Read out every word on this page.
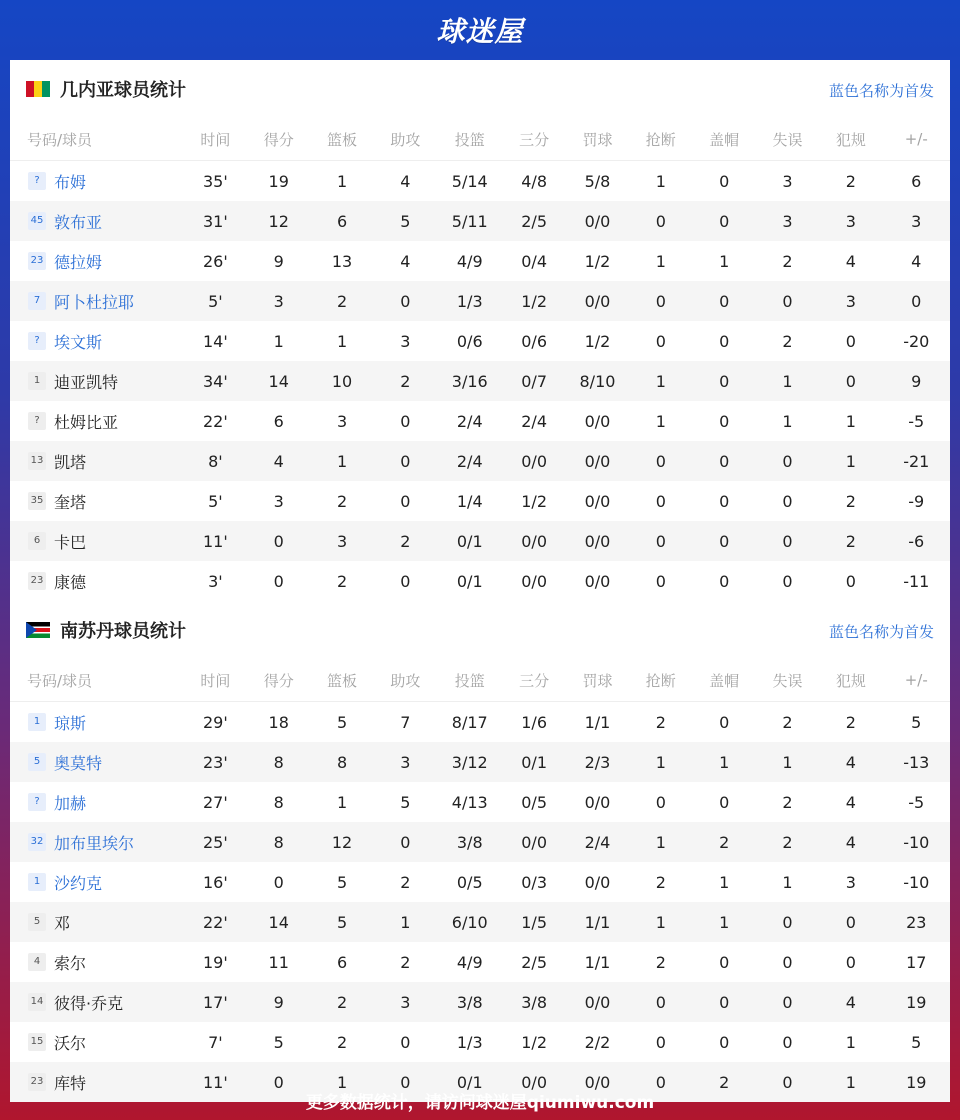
球迷屋
几内亚球员统计	蓝色名称为首发
号码/球员	时间	得分	篮板	助攻	投篮	三分	罚球	抢断	盖帽	失误	犯规	+/-
? 布姆	35'	19	1	4	5/14	4/8	5/8	1	0	3	2	6
45 敦布亚	31'	12	6	5	5/11	2/5	0/0	0	0	3	3	3
23 德拉姆	26'	9	13	4	4/9	0/4	1/2	1	1	2	4	4
7 阿卜杜拉耶	5'	3	2	0	1/3	1/2	0/0	0	0	0	3	0
? 埃文斯	14'	1	1	3	0/6	0/6	1/2	0	0	2	0	-20
1 迪亚凯特	34'	14	10	2	3/16	0/7	8/10	1	0	1	0	9
? 杜姆比亚	22'	6	3	0	2/4	2/4	0/0	1	0	1	1	-5
13 凯塔	8'	4	1	0	2/4	0/0	0/0	0	0	0	1	-21
35 奎塔	5'	3	2	0	1/4	1/2	0/0	0	0	0	2	-9
6 卡巴	11'	0	3	2	0/1	0/0	0/0	0	0	0	2	-6
23 康德	3'	0	2	0	0/1	0/0	0/0	0	0	0	0	-11
南苏丹球员统计	蓝色名称为首发
号码/球员	时间	得分	篮板	助攻	投篮	三分	罚球	抢断	盖帽	失误	犯规	+/-
1 琼斯	29'	18	5	7	8/17	1/6	1/1	2	0	2	2	5
5 奥莫特	23'	8	8	3	3/12	0/1	2/3	1	1	1	4	-13
? 加赫	27'	8	1	5	4/13	0/5	0/0	0	0	2	4	-5
32 加布里埃尔	25'	8	12	0	3/8	0/0	2/4	1	2	2	4	-10
1 沙约克	16'	0	5	2	0/5	0/3	0/0	2	1	1	3	-10
5 邓	22'	14	5	1	6/10	1/5	1/1	1	1	0	0	23
4 索尔	19'	11	6	2	4/9	2/5	1/1	2	0	0	0	17
14 彼得·乔克	17'	9	2	3	3/8	3/8	0/0	0	0	0	4	19
15 沃尔	7'	5	2	0	1/3	1/2	2/2	0	0	0	1	5
23 库特	11'	0	1	0	0/1	0/0	0/0	0	2	0	1	19
更多数据统计，请访问球迷屋qiumiwu.com
